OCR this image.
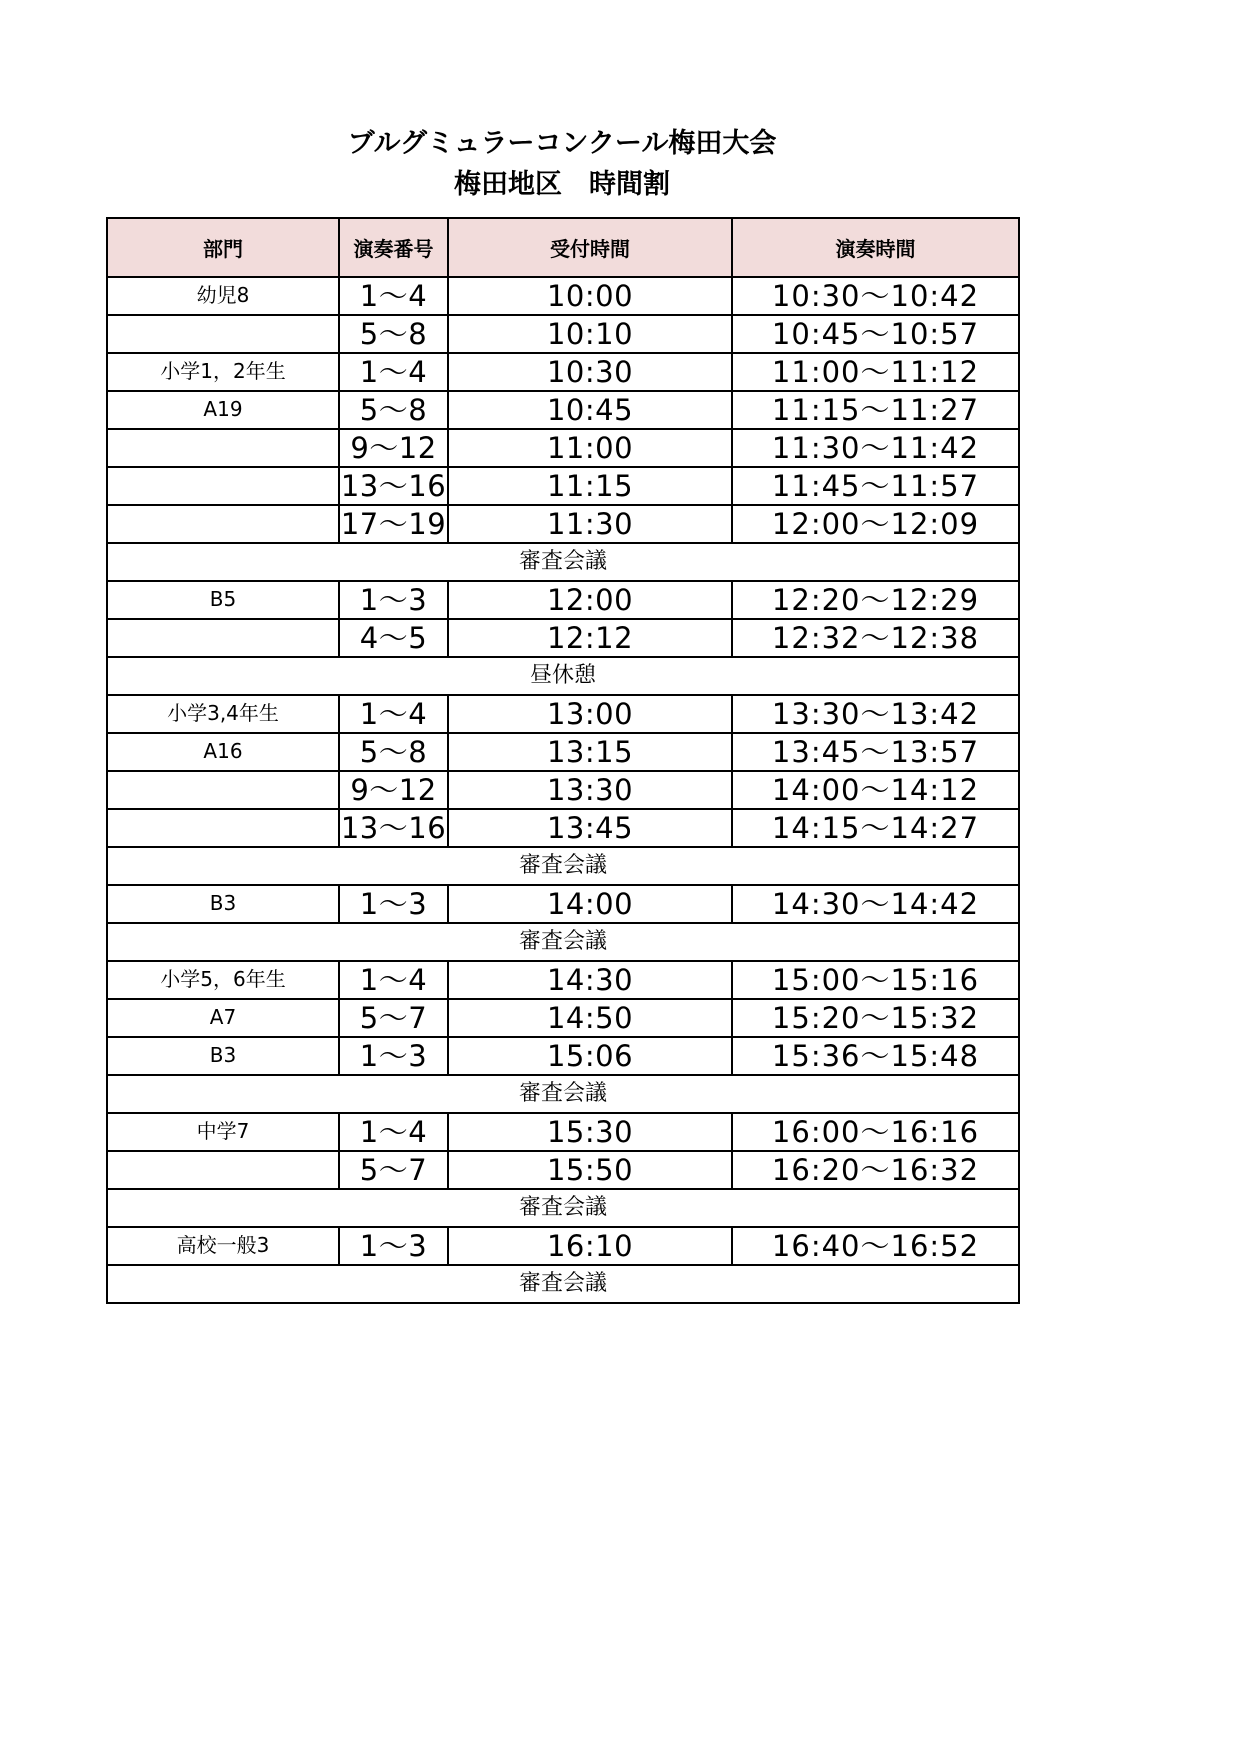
ブルグミュラーコンクール梅田大会
梅田地区　時間割
部門	演奏番号	受付時間	演奏時間
幼児8	1～4	10:00	10:30～10:42
	5～8	10:10	10:45～10:57
小学1，2年生	1～4	10:30	11:00～11:12
A19	5～8	10:45	11:15～11:27
	9～12	11:00	11:30～11:42
	13～16	11:15	11:45～11:57
	17～19	11:30	12:00～12:09
審査会議			
B5	1～3	12:00	12:20～12:29
	4～5	12:12	12:32～12:38
昼休憩			
小学3,4年生	1～4	13:00	13:30～13:42
A16	5～8	13:15	13:45～13:57
	9～12	13:30	14:00～14:12
	13～16	13:45	14:15～14:27
審査会議			
B3	1～3	14:00	14:30～14:42
審査会議			
小学5，6年生	1～4	14:30	15:00～15:16
A7	5～7	14:50	15:20～15:32
B3	1～3	15:06	15:36～15:48
審査会議			
中学7	1～4	15:30	16:00～16:16
	5～7	15:50	16:20～16:32
審査会議			
高校一般3	1～3	16:10	16:40～16:52
審査会議			
